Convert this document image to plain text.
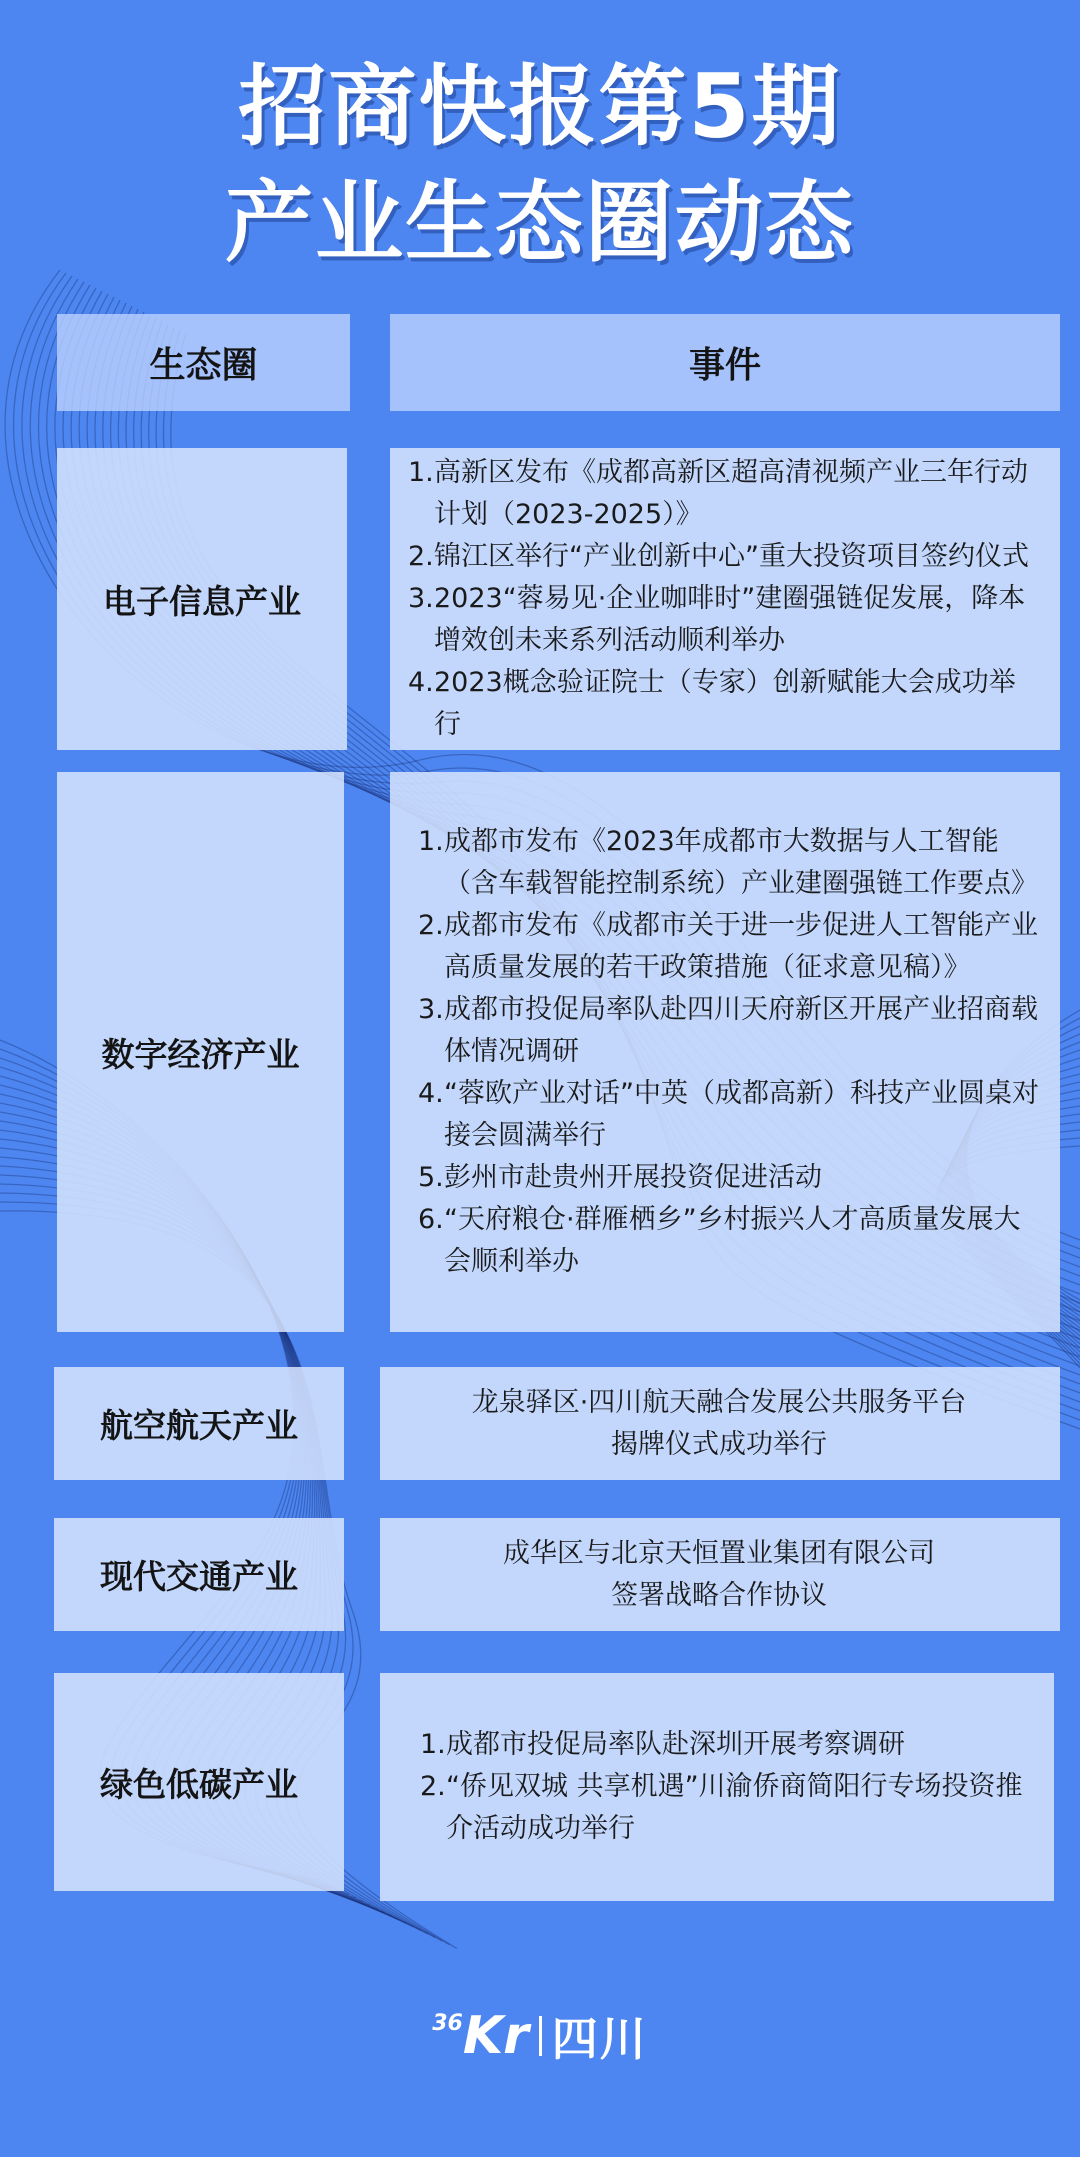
招商快报第5期
产业生态圈动态
生态圈	事件
电子信息产业
1. 高新区发布《成都高新区超高清视频产业三年行动计划（2023-2025）》
2. 锦江区举行“产业创新中心”重大投资项目签约仪式
3. 2023“蓉易见·企业咖啡时”建圈强链促发展，降本增效创未来系列活动顺利举办
4. 2023概念验证院士（专家）创新赋能大会成功举行
数字经济产业
1. 成都市发布《2023年成都市大数据与人工智能（含车载智能控制系统）产业建圈强链工作要点》
2. 成都市发布《成都市关于进一步促进人工智能产业高质量发展的若干政策措施（征求意见稿）》
3. 成都市投促局率队赴四川天府新区开展产业招商载体情况调研
4. “蓉欧产业对话”中英（成都高新）科技产业圆桌对接会圆满举行
5. 彭州市赴贵州开展投资促进活动
6. “天府粮仓·群雁栖乡”乡村振兴人才高质量发展大会顺利举办
航空航天产业
龙泉驿区·四川航天融合发展公共服务平台
揭牌仪式成功举行
现代交通产业
成华区与北京天恒置业集团有限公司
签署战略合作协议
绿色低碳产业
1. 成都市投促局率队赴深圳开展考察调研
2. “侨见双城 共享机遇”川渝侨商简阳行专场投资推介活动成功举行
36 Kr 四川
